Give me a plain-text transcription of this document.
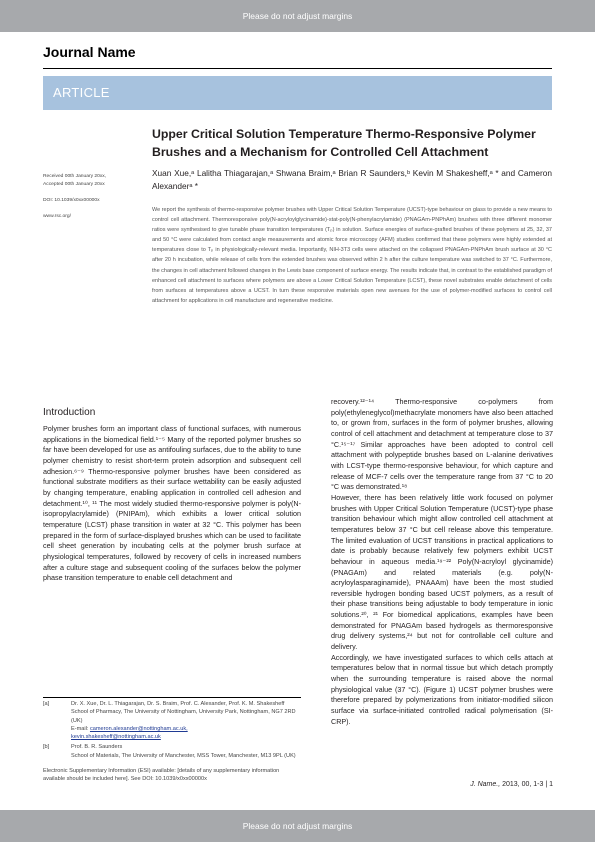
Please do not adjust margins
Journal Name
ARTICLE
Upper Critical Solution Temperature Thermo-Responsive Polymer Brushes and a Mechanism for Controlled Cell Attachment
Xuan Xue,ᵃ Lalitha Thiagarajan,ᵃ Shwana Braim,ᵃ Brian R Saunders,ᵇ Kevin M Shakesheff,ᵃ * and Cameron Alexanderᵃ *
Received 00th January 20xx,
Accepted 00th January 20xx
DOI: 10.1039/x0xx00000x
www.rsc.org/
We report the synthesis of thermo-responsive polymer brushes with Upper Critical Solution Temperature (UCST)-type behaviour on glass to provide a new means to control cell attachment. Thermoresponsive poly(N-acryloylglycinamide)-stat-poly(N-phenylacrylamide) (PNAGAm-PNPhAm) brushes with three different monomer ratios were synthesised to give tunable phase transition temperatures (Tₚ) in solution. Surface energies of surface-grafted brushes of these polymers at 25, 32, 37 and 50 °C were calculated from contact angle measurements and atomic force microscopy (AFM) studies confirmed that these polymers were highly extended at temperatures close to Tₚ in physiologically-relevant media. Importantly, NIH-3T3 cells were attached on the collapsed PNAGAm-PNPhAm brush surface at 30 °C after 20 h incubation, while release of cells from the extended brushes was observed within 2 h after the culture temperature was switched to 37 °C. Furthermore, the changes in cell attachment followed changes in the Lewis base component of surface energy. The results indicate that, in contrast to the established paradigm of enhanced cell attachment to surfaces where polymers are above a Lower Critical Solution Temperature (LCST), these novel substrates enable detachment of cells from surfaces at temperatures above a UCST. In turn these responsive materials open new avenues for the use of polymer-modified surfaces to control cell attachment for applications in cell manufacture and regenerative medicine.
Introduction
Polymer brushes form an important class of functional surfaces, with numerous applications in the biomedical field.¹⁻⁵ Many of the reported polymer brushes so far have been developed for use as antifouling surfaces, due to the ability to tune polymer chemistry to resist short-term protein adsorption and subsequent cell adhesion.⁶⁻⁹ Thermo-responsive polymer brushes have been considered as functional substrate modifiers as their surface wettability can be easily adjusted by changing temperature, enabling application in controlled cell adhesion and detachment.¹⁰, ¹¹ The most widely studied thermo-responsive polymer is poly(N-isopropylacrylamide) (PNIPAm), which exhibits a lower critical solution temperature (LCST) phase transition in water at 32 °C. This polymer has been prepared in the form of surface-displayed brushes which can be used to facilitate cell sheet generation by incubating cells at the polymer brush surface at physiological temperatures, followed by recovery of cells in increased numbers after a culture stage and subsequent cooling of the surfaces below the polymer phase transition temperature to enable cell detachment and
recovery.¹²⁻¹⁴ Thermo-responsive co-polymers from poly(ethyleneglycol)methacrylate monomers have also been attached to, or grown from, surfaces in the form of polymer brushes, allowing control of cell attachment and detachment at temperature close to 37 °C.¹⁵⁻¹⁷ Similar approaches have been adopted to control cell attachment with polypeptide brushes based on L-alanine derivatives with LCST-type thermo-responsive behaviour, for which capture and release of MCF-7 cells over the temperature range from 37 °C to 20 °C was demonstrated.¹⁸
However, there has been relatively little work focused on polymer brushes with Upper Critical Solution Temperature (UCST)-type phase transition behaviour which might allow controlled cell attachment at temperatures below 37 °C but cell release above this temperature. The limited evaluation of UCST transitions in practical applications to date is probably because relatively few polymers exhibit UCST behaviour in aqueous media.¹⁹⁻²² Poly(N-acryloyl glycinamide) (PNAGAm) and related materials (e.g. poly(N-acryloylasparaginamide), PNAAAm) have been the most studied reversible hydrogen bonding based UCST polymers, as a result of their phase transitions being adjustable to body temperature in ionic solutions.²⁰, ²¹ For biomedical applications, examples have been demonstrated for PNAGAm based hydrogels as thermoresponsive drug delivery systems,²⁴ but not for controllable cell culture and delivery.
Accordingly, we have investigated surfaces to which cells attach at temperatures below that in normal tissue but which detach promptly when the surrounding temperature is raised above the normal physiological value (37 °C). (Figure 1) UCST polymer brushes were therefore prepared by polymerizations from initiator-modified silicon surface via surface-initiated controlled radical polymerisation (SI-CRP).
[a]	Dr. X. Xue, Dr. L. Thiagarajan, Dr. S. Braim, Prof. C. Alexander, Prof. K. M. Shakesheff
School of Pharmacy, The University of Nottingham, University Park, Nottingham, NG7 2RD (UK)
E-mail: cameron.alexander@nottingham.ac.uk,
kevin.shakesheff@nottingham.ac.uk
[b]	Prof. B. R. Saunders
School of Materials, The University of Manchester, MSS Tower, Manchester, M13 9PL (UK)
Electronic Supplementary Information (ESI) available: [details of any supplementary information available should be included here]. See DOI: 10.1039/x0xx00000x
J. Name., 2013, 00, 1-3 | 1
Please do not adjust margins
